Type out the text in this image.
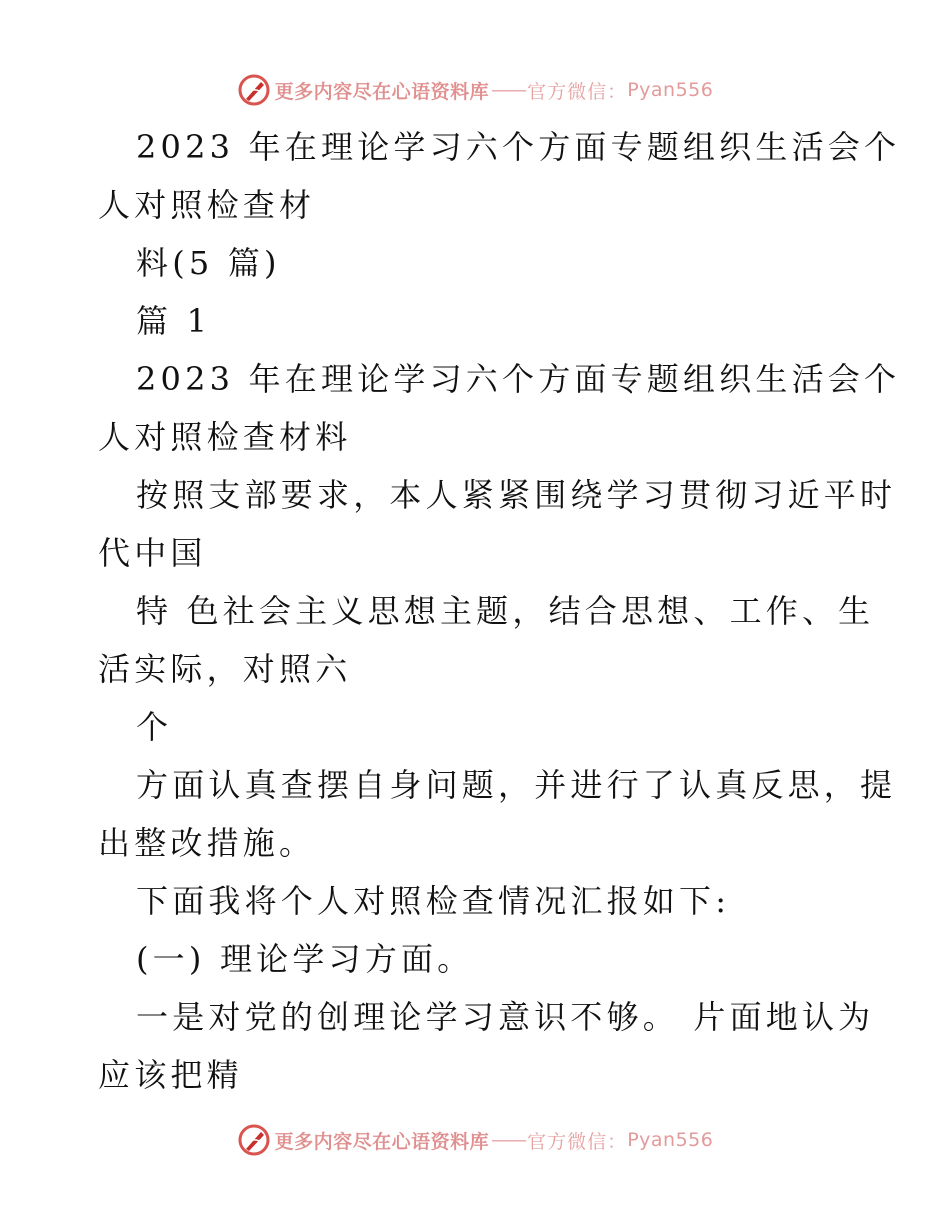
更多内容尽在心语资料库 —— 官方微信： Pyan556
2023 年在理论学习六个方面专题组织生活会个
人对照检查材
料(5 篇)
篇 1
2023 年在理论学习六个方面专题组织生活会个
人对照检查材料
按照支部要求，本人紧紧围绕学习贯彻习近平时
代中国
特 色社会主义思想主题，结合思想、工作、生
活实际，对照六
个
方面认真查摆自身问题，并进行了认真反思，提
出整改措施。
下面我将个人对照检查情况汇报如下:
(一) 理论学习方面。
一是对党的创理论学习意识不够。 片面地认为
应该把精
更多内容尽在心语资料库 —— 官方微信： Pyan556
